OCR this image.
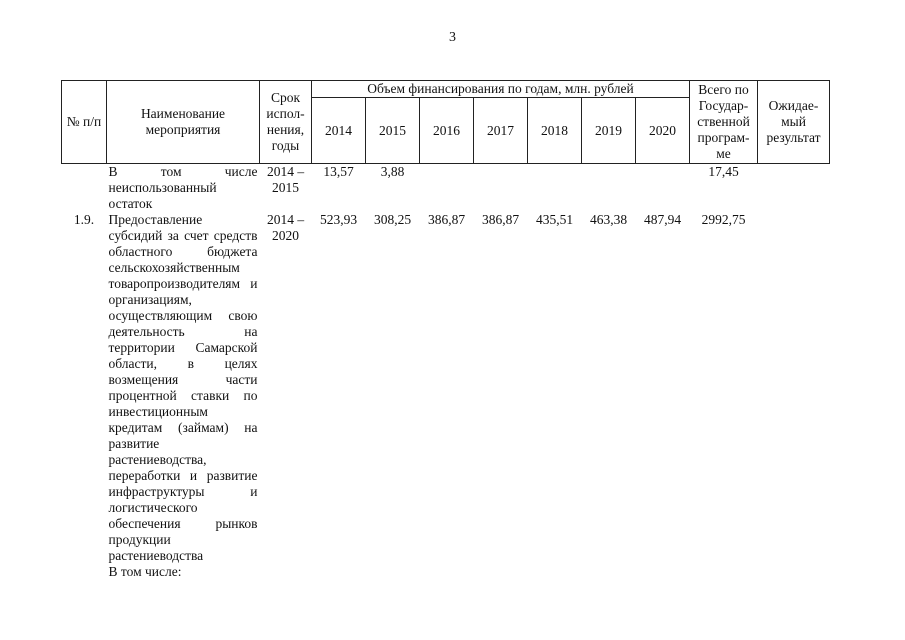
3
№ п/п	Наименование мероприятия	Срок испол-нения, годы	Объем финансирования по годам, млн. рублей							Всего по Государ-ственной програм-ме	Ожидае-мый результат
			2014	2015	2016	2017	2018	2019	2020		
	В том числе неиспользованный остаток	2014 – 2015	13,57	3,88						17,45	
1.9.	Предоставление субсидий за счет средств областного бюджета сельскохозяйственным товаропроизводителям и организациям, осуществляющим свою деятельность на территории Самарской области, в целях возмещения части процентной ставки по инвестиционным кредитам (займам) на развитие растениеводства, переработки и развитие инфраструктуры и логистического обеспечения рынков продукции растениеводства	2014 – 2020	523,93	308,25	386,87	386,87	435,51	463,38	487,94	2992,75	
	В том числе:										
